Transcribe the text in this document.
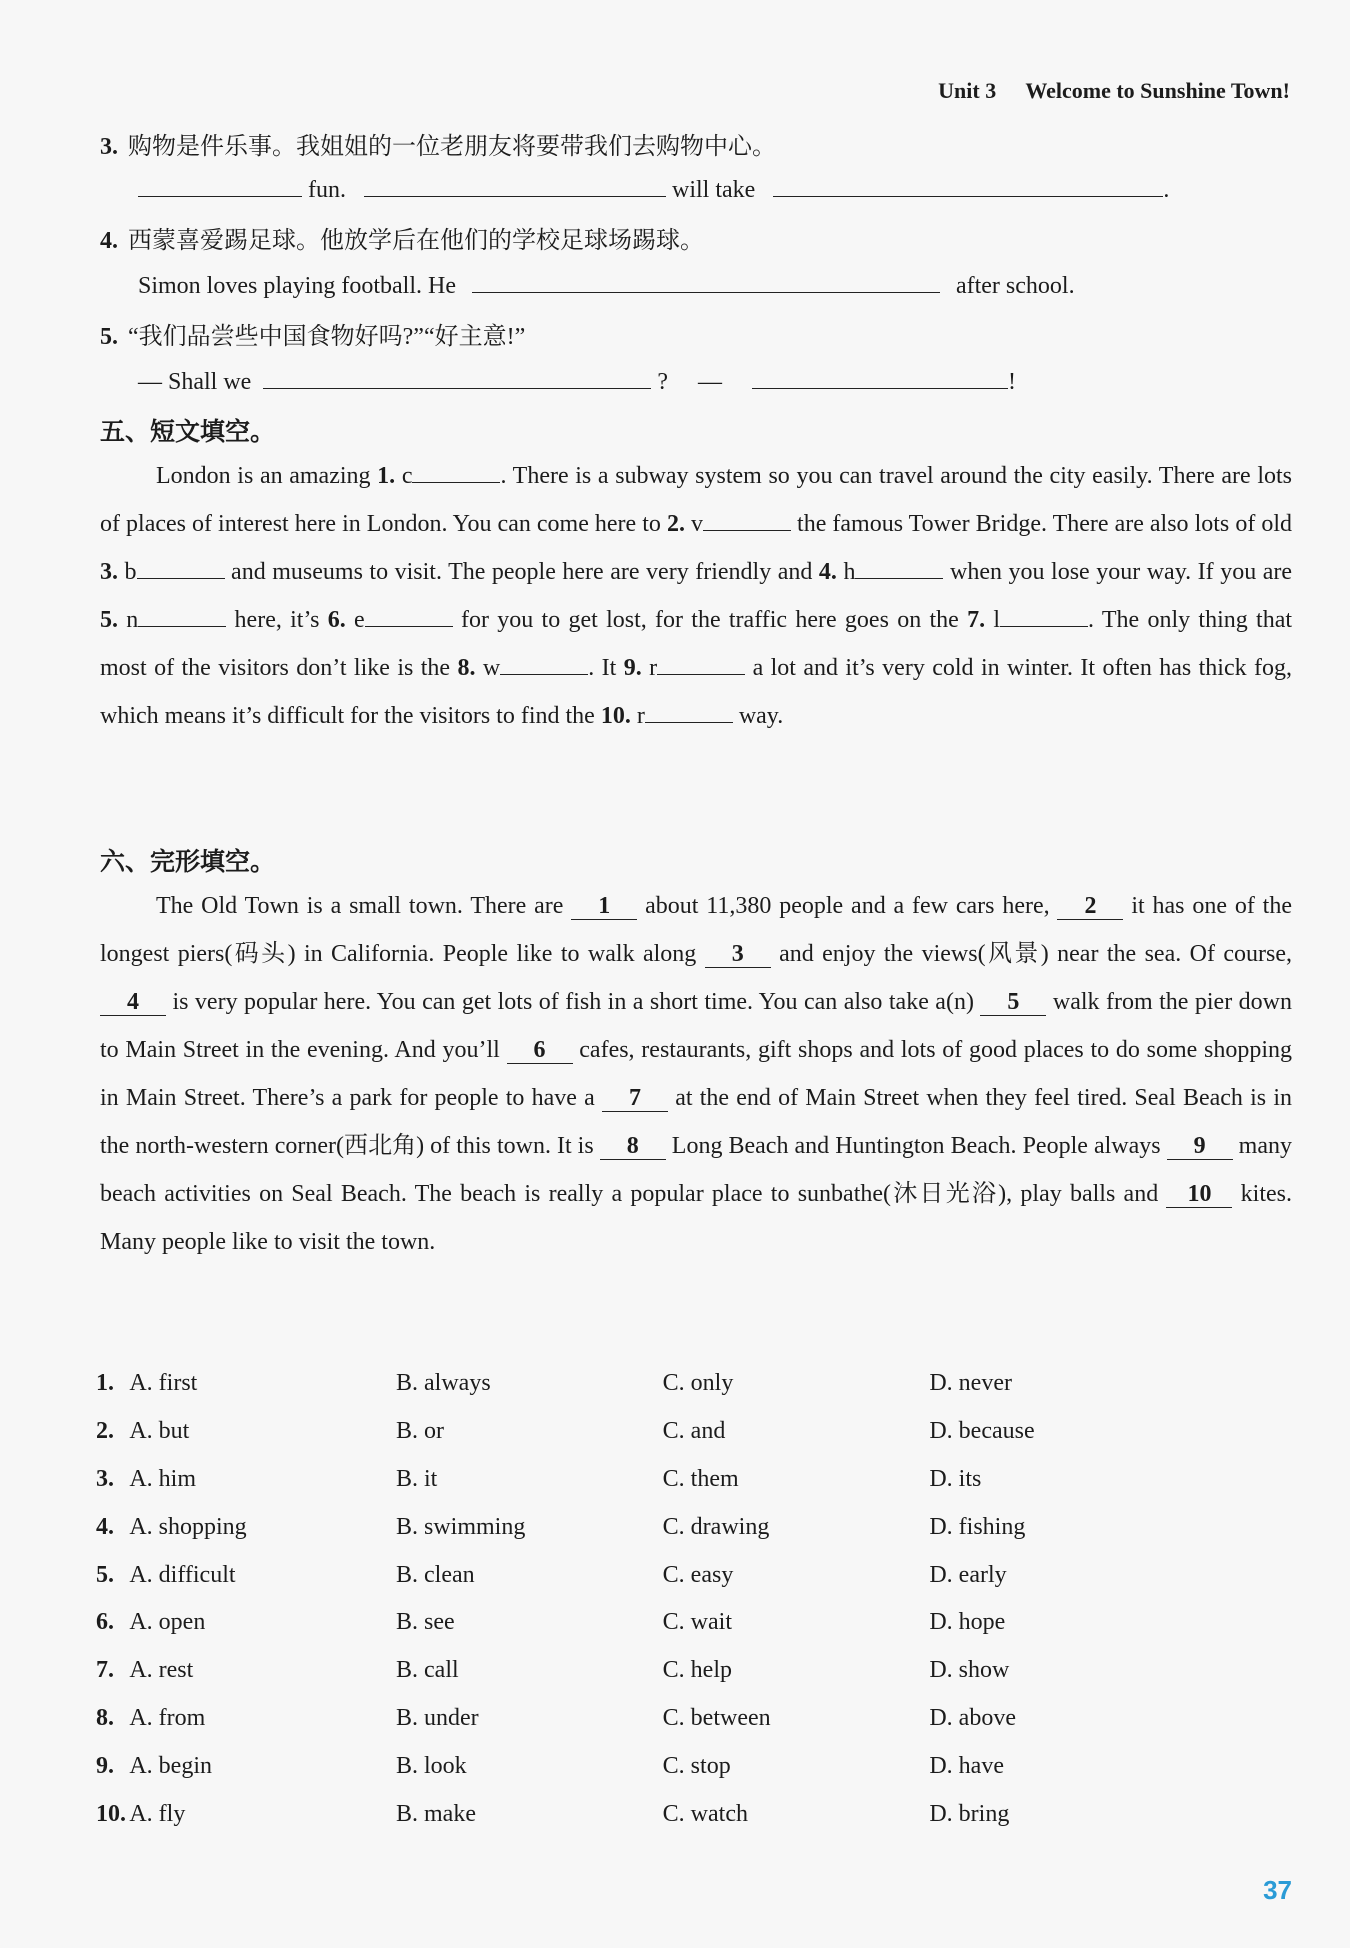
Unit 3 Welcome to Sunshine Town!
3. 购物是件乐事。我姐姐的一位老朋友将要带我们去购物中心。
fun.	will take	.
4. 西蒙喜爱踢足球。他放学后在他们的学校足球场踢球。
Simon loves playing football. He	after school.
5. “我们品尝些中国食物好吗?”“好主意!”
— Shall we	? —	!
五、短文填空。
London is an amazing 1. c	. There is a subway system so you can travel around the city easily. There are lots of places of interest here in London. You can come here to 2. v	the famous Tower Bridge. There are also lots of old 3. b	and museums to visit. The people here are very friendly and 4. h	when you lose your way. If you are 5. n	here, it’s 6. e	for you to get lost, for the traffic here goes on the 7. l	. The only thing that most of the visitors don’t like is the 8. w	. It 9. r	a lot and it’s very cold in winter. It often has thick fog, which means it’s difficult for the visitors to find the 10. r	way.
六、完形填空。
The Old Town is a small town. There are 1 about 11,380 people and a few cars here, 2 it has one of the longest piers(码头) in California. People like to walk along 3 and enjoy the views(风景) near the sea. Of course, 4 is very popular here. You can get lots of fish in a short time. You can also take a(n) 5 walk from the pier down to Main Street in the evening. And you’ll 6 cafes, restaurants, gift shops and lots of good places to do some shopping in Main Street. There’s a park for people to have a 7 at the end of Main Street when they feel tired. Seal Beach is in the north-western corner(西北角) of this town. It is 8 Long Beach and Huntington Beach. People always 9 many beach activities on Seal Beach. The beach is really a popular place to sunbathe(沐日光浴), play balls and 10 kites. Many people like to visit the town.
1. A. first	B. always	C. only	D. never
2. A. but	B. or	C. and	D. because
3. A. him	B. it	C. them	D. its
4. A. shopping	B. swimming	C. drawing	D. fishing
5. A. difficult	B. clean	C. easy	D. early
6. A. open	B. see	C. wait	D. hope
7. A. rest	B. call	C. help	D. show
8. A. from	B. under	C. between	D. above
9. A. begin	B. look	C. stop	D. have
10. A. fly	B. make	C. watch	D. bring
37
